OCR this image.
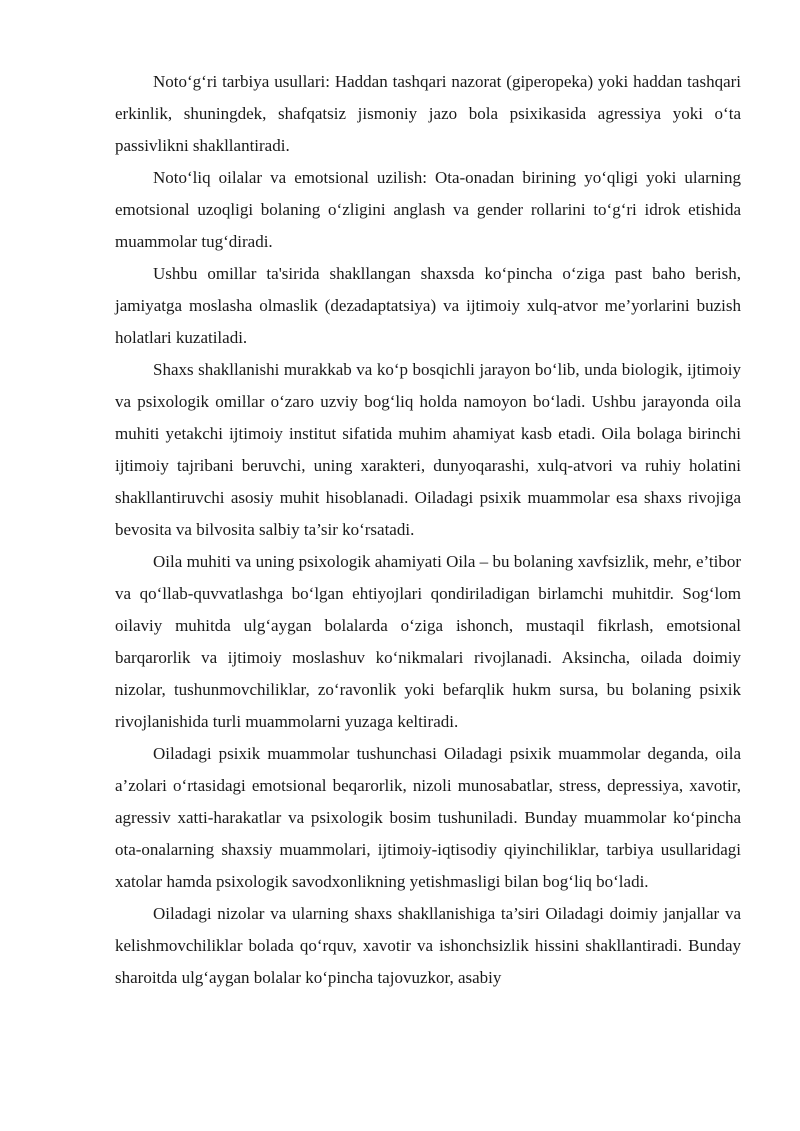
Noto‘g‘ri tarbiya usullari: Haddan tashqari nazorat (giperopeka) yoki haddan tashqari erkinlik, shuningdek, shafqatsiz jismoniy jazo bola psixikasida agressiya yoki o‘ta passivlikni shakllantiradi.

Noto‘liq oilalar va emotsional uzilish: Ota-onadan birining yo‘qligi yoki ularning emotsional uzoqligi bolaning o‘zligini anglash va gender rollarini to‘g‘ri idrok etishida muammolar tug‘diradi.

Ushbu omillar ta'sirida shakllangan shaxsda ko‘pincha o‘ziga past baho berish, jamiyatga moslasha olmaslik (dezadaptatsiya) va ijtimoiy xulq-atvor me’yorlarini buzish holatlari kuzatiladi.

Shaxs shakllanishi murakkab va ko‘p bosqichli jarayon bo‘lib, unda biologik, ijtimoiy va psixologik omillar o‘zaro uzviy bog‘liq holda namoyon bo‘ladi. Ushbu jarayonda oila muhiti yetakchi ijtimoiy institut sifatida muhim ahamiyat kasb etadi. Oila bolaga birinchi ijtimoiy tajribani beruvchi, uning xarakteri, dunyoqarashi, xulq-atvori va ruhiy holatini shakllantiruvchi asosiy muhit hisoblanadi. Oiladagi psixik muammolar esa shaxs rivojiga bevosita va bilvosita salbiy ta’sir ko‘rsatadi.

Oila muhiti va uning psixologik ahamiyati Oila – bu bolaning xavfsizlik, mehr, e’tibor va qo‘llab-quvvatlashga bo‘lgan ehtiyojlari qondiriladigan birlamchi muhitdir. Sog‘lom oilaviy muhitda ulg‘aygan bolalarda o‘ziga ishonch, mustaqil fikrlash, emotsional barqarorlik va ijtimoiy moslashuv ko‘nikmalari rivojlanadi. Aksincha, oilada doimiy nizolar, tushunmovchiliklar, zo‘ravonlik yoki befarqlik hukm sursa, bu bolaning psixik rivojlanishida turli muammolarni yuzaga keltiradi.

Oiladagi psixik muammolar tushunchasi Oiladagi psixik muammolar deganda, oila a’zolari o‘rtasidagi emotsional beqarorlik, nizoli munosabatlar, stress, depressiya, xavotir, agressiv xatti-harakatlar va psixologik bosim tushuniladi. Bunday muammolar ko‘pincha ota-onalarning shaxsiy muammolari, ijtimoiy-iqtisodiy qiyinchiliklar, tarbiya usullaridagi xatolar hamda psixologik savodxonlikning yetishmasligi bilan bog‘liq bo‘ladi.

Oiladagi nizolar va ularning shaxs shakllanishiga ta’siri Oiladagi doimiy janjallar va kelishmovchiliklar bolada qo‘rquv, xavotir va ishonchsizlik hissini shakllantiradi. Bunday sharoitda ulg‘aygan bolalar ko‘pincha tajovuzkor, asabiy
